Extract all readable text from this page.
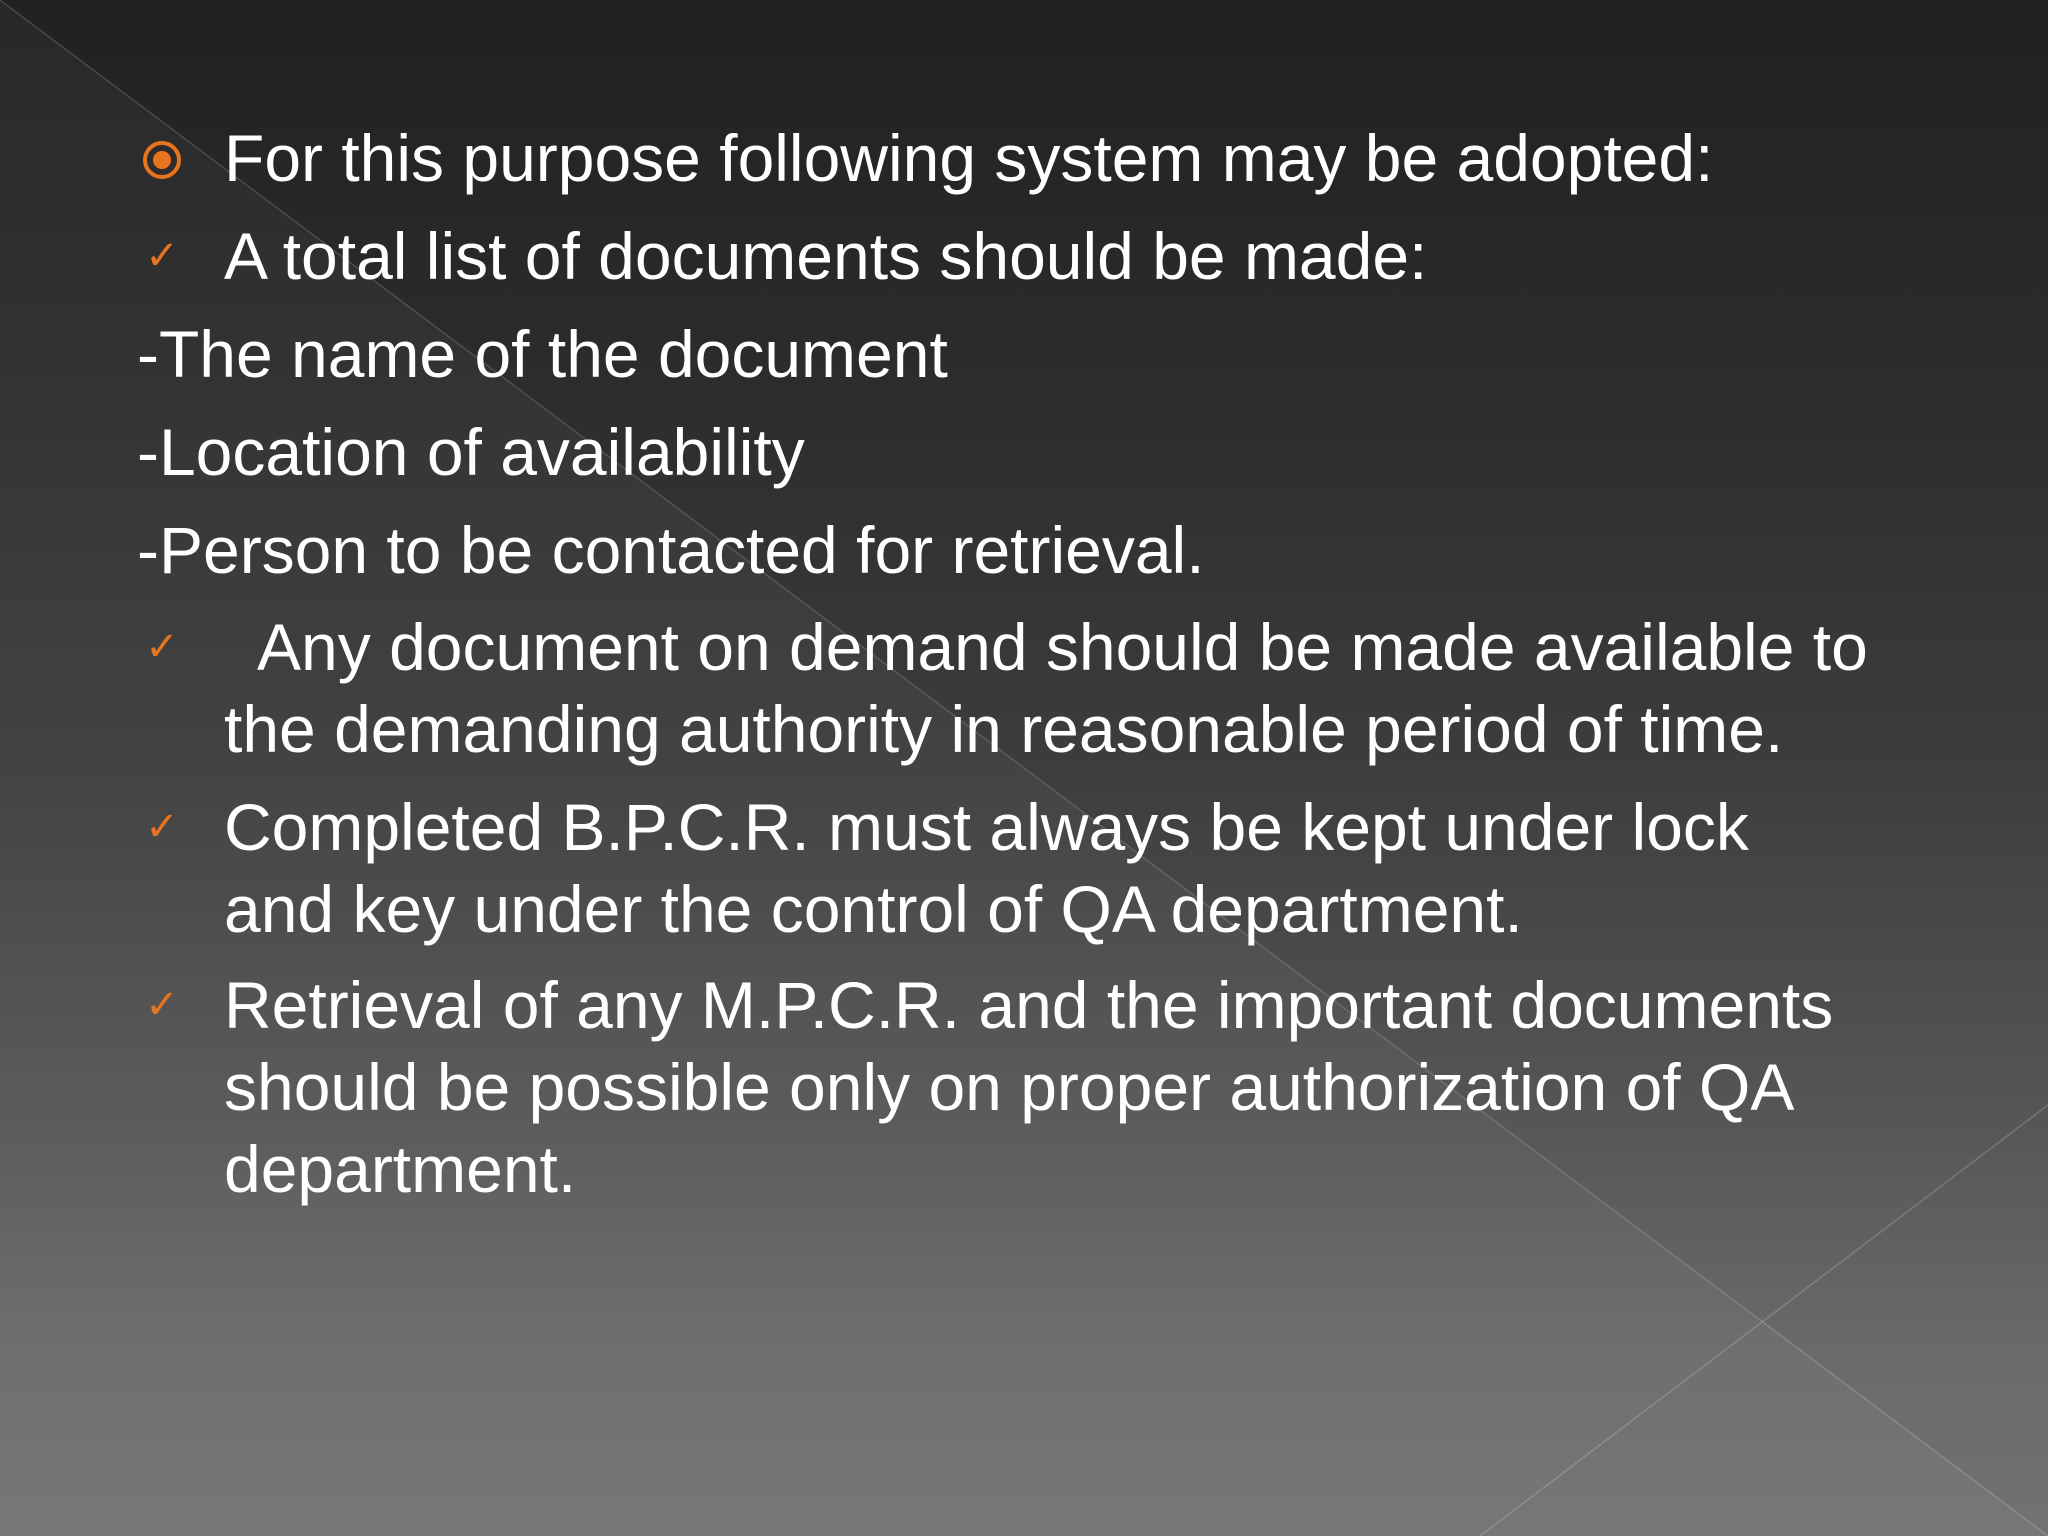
For this purpose following system may be adopted:
✓ A total list of documents should be made:
-The name of the document
-Location of availability
-Person to be contacted for retrieval.
✓ Any document on demand should be made available to
the demanding authority in reasonable period of time.
✓ Completed B.P.C.R. must always be kept under lock
and key under the control of QA department.
✓ Retrieval of any M.P.C.R. and the important documents
should be possible only on proper authorization of QA
department.
